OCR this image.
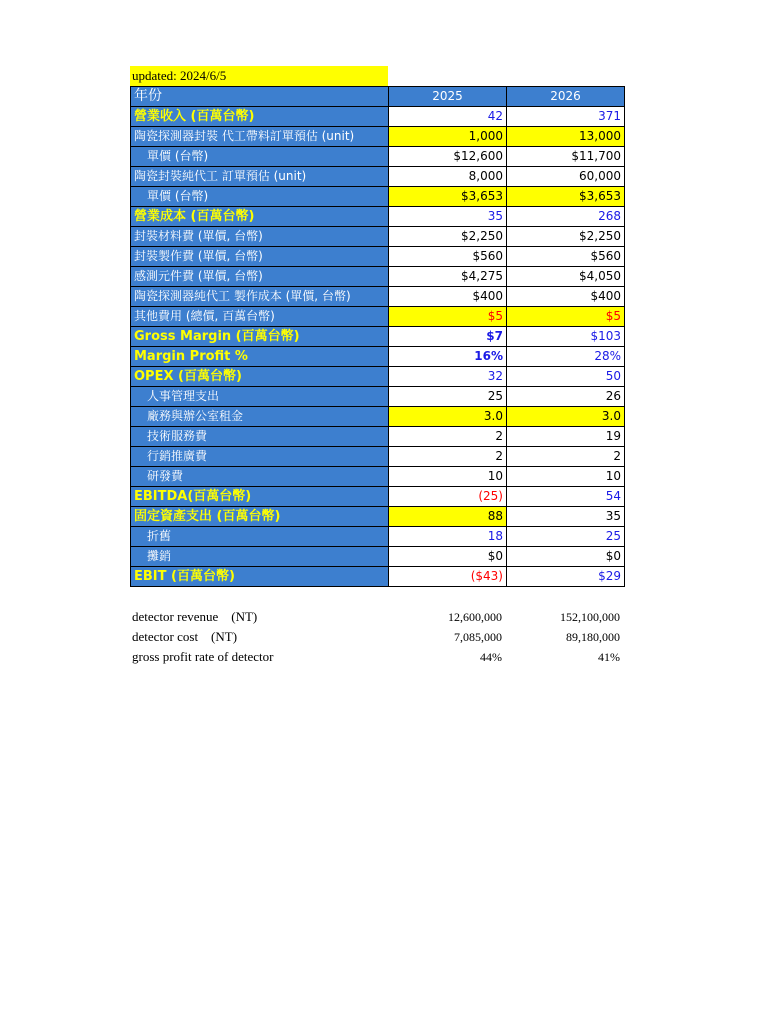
updated: 2024/6/5
年份	2025	2026
營業收入 (百萬台幣)	42	371
陶瓷探測器封裝 代工帶料訂單預估 (unit)	1,000	13,000
單價 (台幣)	$12,600	$11,700
陶瓷封裝純代工 訂單預估 (unit)	8,000	60,000
單價 (台幣)	$3,653	$3,653
營業成本 (百萬台幣)	35	268
封裝材料費 (單價, 台幣)	$2,250	$2,250
封裝製作費 (單價, 台幣)	$560	$560
感測元件費 (單價, 台幣)	$4,275	$4,050
陶瓷探測器純代工 製作成本 (單價, 台幣)	$400	$400
其他費用 (總價, 百萬台幣)	$5	$5
Gross Margin (百萬台幣)	$7	$103
Margin Profit %	16%	28%
OPEX (百萬台幣)	32	50
人事管理支出	25	26
廠務與辦公室租金	3.0	3.0
技術服務費	2	19
行銷推廣費	2	2
研發費	10	10
EBITDA(百萬台幣)	(25)	54
固定資產支出 (百萬台幣)	88	35
折舊	18	25
攤銷	$0	$0
EBIT (百萬台幣)	($43)	$29
detector revenue    (NT)	12,600,000	152,100,000
detector cost    (NT)	7,085,000	89,180,000
gross profit rate of detector	44%	41%
